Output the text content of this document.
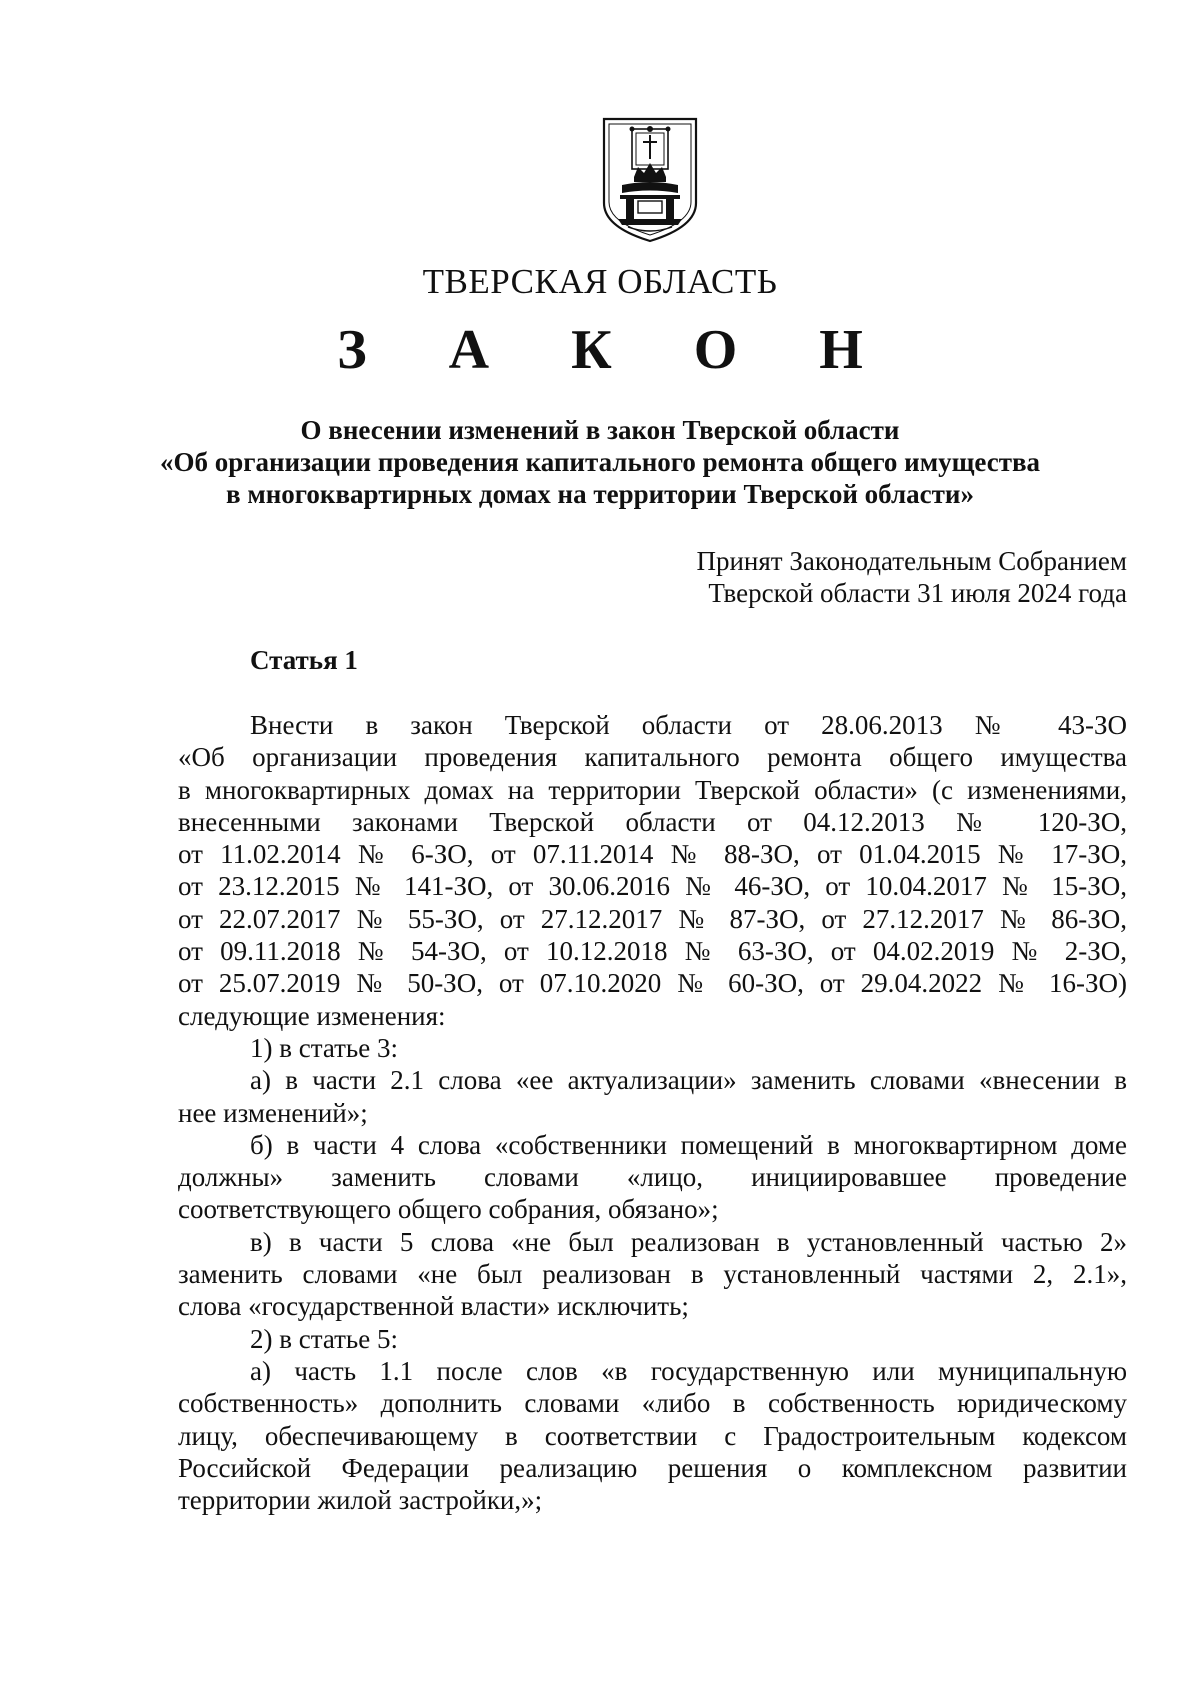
ТВЕРСКАЯ ОБЛАСТЬ
З А К О Н
О внесении изменений в закон Тверской области
«Об организации проведения капитального ремонта общего имущества
в многоквартирных домах на территории Тверской области»
Принят Законодательным Собранием
Тверской области 31 июля 2024 года
Статья 1
Внести в закон Тверской области от 28.06.2013 № 43-ЗО
«Об организации проведения капитального ремонта общего имущества
в многоквартирных домах на территории Тверской области» (с изменениями,
внесенными законами Тверской области от 04.12.2013 № 120-ЗО,
от 11.02.2014 № 6-ЗО, от 07.11.2014 № 88-ЗО, от 01.04.2015 № 17-ЗО,
от 23.12.2015 № 141-ЗО, от 30.06.2016 № 46-ЗО, от 10.04.2017 № 15-ЗО,
от 22.07.2017 № 55-ЗО, от 27.12.2017 № 87-ЗО, от 27.12.2017 № 86-ЗО,
от 09.11.2018 № 54-ЗО, от 10.12.2018 № 63-ЗО, от 04.02.2019 № 2-ЗО,
от 25.07.2019 № 50-ЗО, от 07.10.2020 № 60-ЗО, от 29.04.2022 № 16-ЗО)
следующие изменения:
1) в статье 3:
а) в части 2.1 слова «ее актуализации» заменить словами «внесении в
нее изменений»;
б) в части 4 слова «собственники помещений в многоквартирном доме
должны» заменить словами «лицо, инициировавшее проведение
соответствующего общего собрания, обязано»;
в) в части 5 слова «не был реализован в установленный частью 2»
заменить словами «не был реализован в установленный частями 2, 2.1»,
слова «государственной власти» исключить;
2) в статье 5:
а) часть 1.1 после слов «в государственную или муниципальную
собственность» дополнить словами «либо в собственность юридическому
лицу, обеспечивающему в соответствии с Градостроительным кодексом
Российской Федерации реализацию решения о комплексном развитии
территории жилой застройки,»;
